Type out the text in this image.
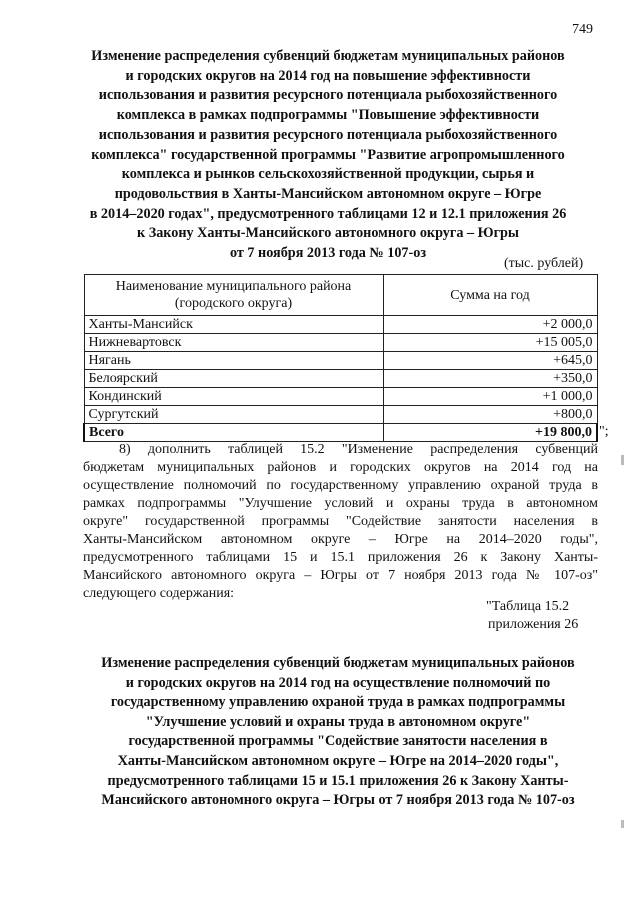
749
Изменение распределения субвенций бюджетам муниципальных районов
и городских округов на 2014 год на повышение эффективности
использования и развития ресурсного потенциала рыбохозяйственного
комплекса в рамках подпрограммы "Повышение эффективности
использования и развития ресурсного потенциала рыбохозяйственного
комплекса" государственной программы "Развитие агропромышленного
комплекса и рынков сельскохозяйственной продукции, сырья и
продовольствия в Ханты-Мансийском автономном округе – Югре
в 2014–2020 годах", предусмотренного таблицами 12 и 12.1 приложения 26
к Закону Ханты-Мансийского автономного округа – Югры
от 7 ноября 2013 года № 107-оз
(тыс. рублей)
Наименование муниципального района
(городского округа)	Сумма на год
Ханты-Мансийск	+2 000,0
Нижневартовск	+15 005,0
Нягань	+645,0
Белоярский	+350,0
Кондинский	+1 000,0
Сургутский	+800,0
Всего	+19 800,0 ";
8) дополнить таблицей 15.2 "Изменение распределения субвенций
бюджетам муниципальных районов и городских округов на 2014 год на
осуществление полномочий по государственному управлению охраной труда в
рамках подпрограммы "Улучшение условий и охраны труда в автономном
округе" государственной программы "Содействие занятости населения в
Ханты-Мансийском автономном округе – Югре на 2014–2020 годы",
предусмотренного таблицами 15 и 15.1 приложения 26 к Закону Ханты-
Мансийского автономного округа – Югры от 7 ноября 2013 года № 107-оз"
следующего содержания:
"Таблица 15.2
приложения 26
Изменение распределения субвенций бюджетам муниципальных районов
и городских округов на 2014 год на осуществление полномочий по
государственному управлению охраной труда в рамках подпрограммы
"Улучшение условий и охраны труда в автономном округе"
государственной программы "Содействие занятости населения в
Ханты-Мансийском автономном округе – Югре на 2014–2020 годы",
предусмотренного таблицами 15 и 15.1 приложения 26 к Закону Ханты-
Мансийского автономного округа – Югры от 7 ноября 2013 года № 107-оз
